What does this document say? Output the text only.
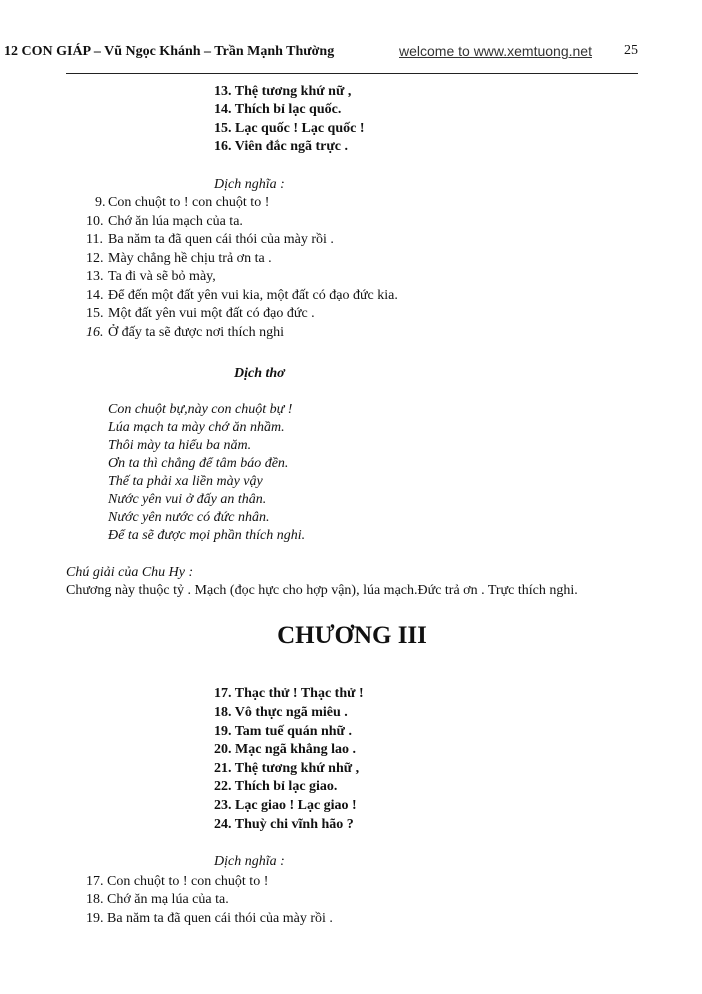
12 CON GIÁP – Vũ Ngọc Khánh – Trần Mạnh Thường	welcome to www.xemtuong.net 25
13. Thệ tương khứ nữ ,
14. Thích bỉ lạc quốc.
15. Lạc quốc ! Lạc quốc !
16. Viên đắc ngã trực .
Dịch nghĩa :
9. Con chuột to ! con chuột to !
10. Chớ ăn lúa mạch của ta.
11. Ba năm ta đã quen cái thói của mày rồi .
12. Mày chẳng hề chịu trả ơn ta .
13. Ta đi và sẽ bỏ mày,
14. Để đến một đất yên vui kia, một đất có đạo đức kia.
15. Một đất yên vui một đất có đạo đức .
16. Ở đấy ta sẽ được nơi thích nghi
Dịch thơ
Con chuột bự,này con chuột bự !
Lúa mạch ta mày chớ ăn nhầm.
Thôi mày ta hiểu ba năm.
Ơn ta thì chẳng để tâm báo đền.
Thế ta phải xa liền mày vậy
Nước yên vui ở đấy an thân.
Nước yên nước có đức nhân.
Để ta sẽ được mọi phần thích nghi.
Chú giải của Chu Hy :
Chương này thuộc tỷ . Mạch (đọc hực cho hợp vận), lúa mạch.Đức trả ơn . Trực thích nghi.
CHƯƠNG III
17. Thạc thử ! Thạc thử !
18. Vô thực ngã miêu .
19. Tam tuế quán nhữ .
20. Mạc ngã khẳng lao .
21. Thệ tương khứ nhữ ,
22. Thích bỉ lạc giao.
23. Lạc giao ! Lạc giao !
24. Thuỳ chi vĩnh hão ?
Dịch nghĩa :
17. Con chuột to ! con chuột to !
18. Chớ ăn mạ lúa của ta.
19. Ba năm ta đã quen cái thói của mày rồi .
